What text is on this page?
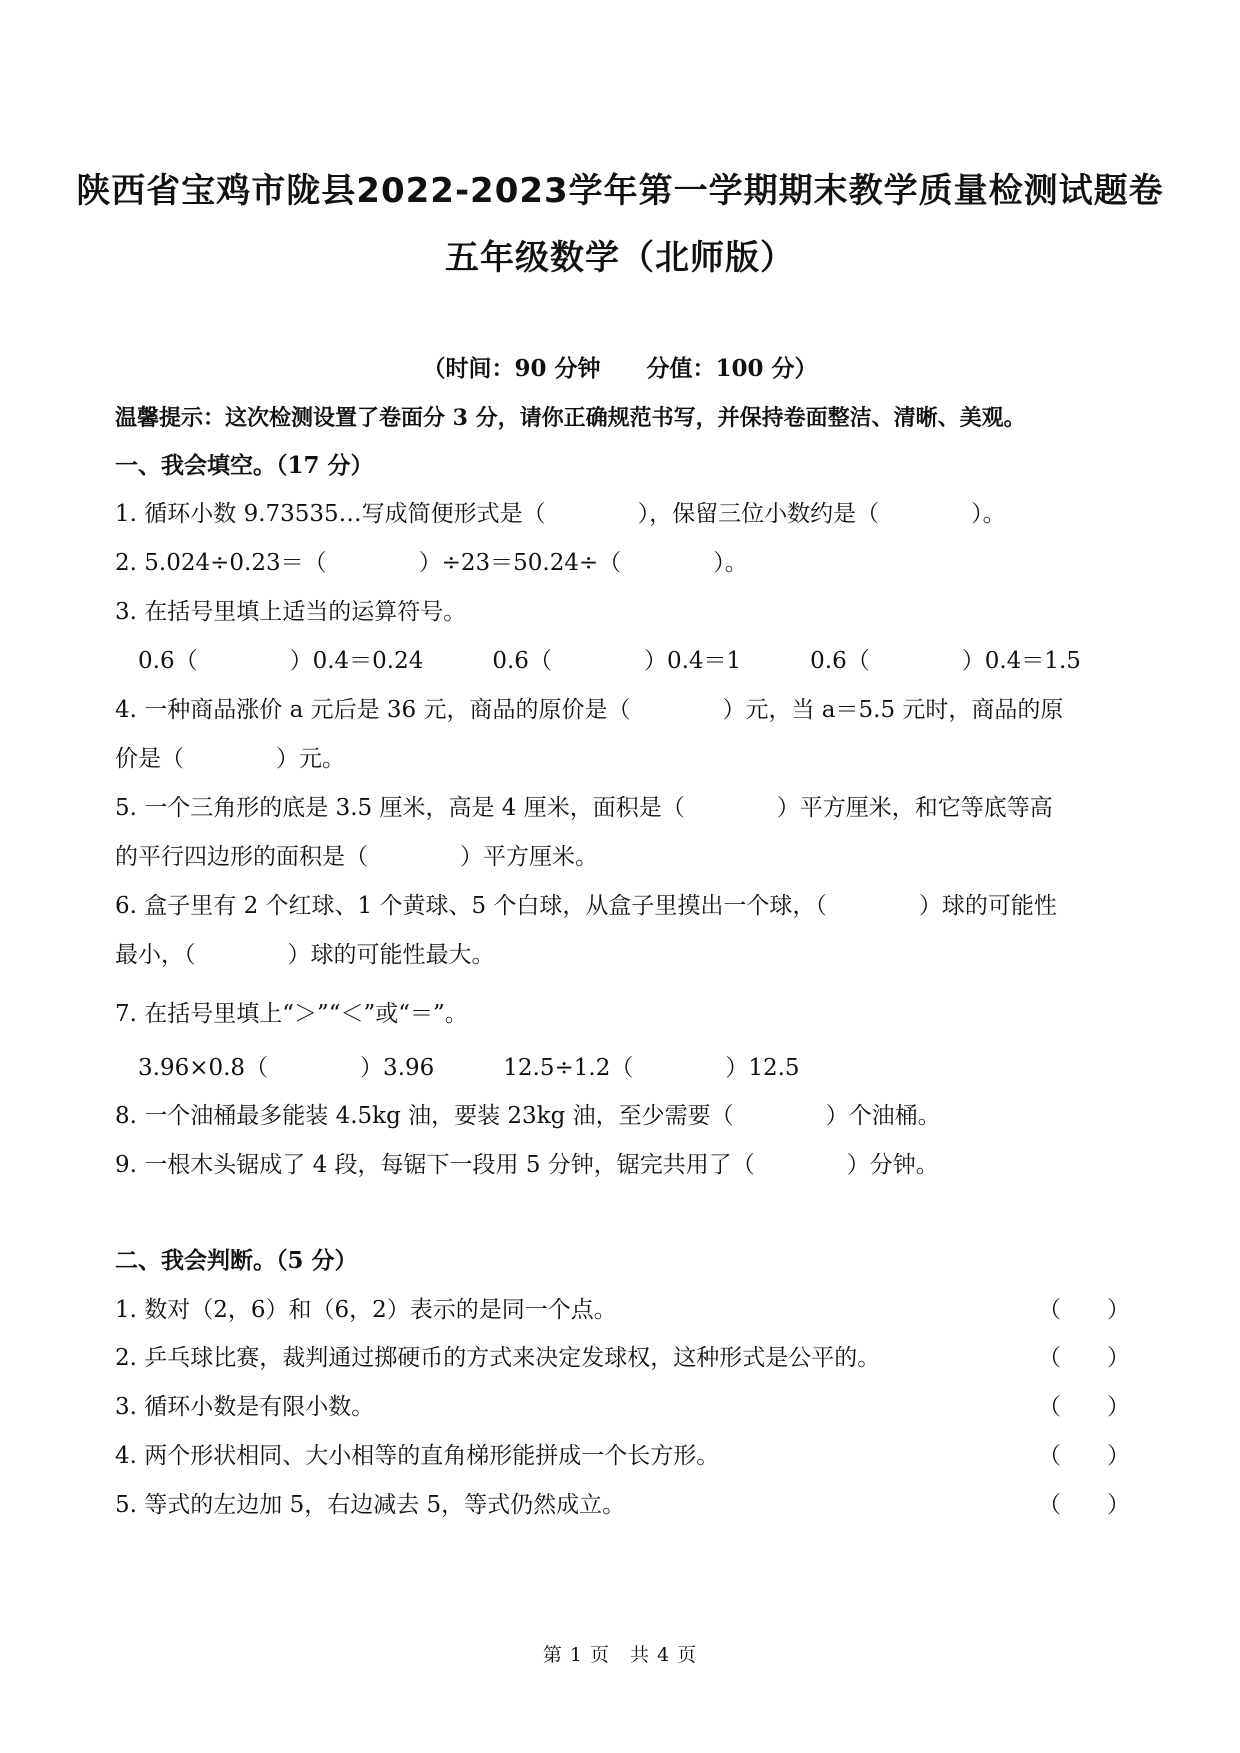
陕西省宝鸡市陇县2022-2023学年第一学期期末教学质量检测试题卷
五年级数学（北师版）
（时间：90 分钟　　分值：100 分）
温馨提示：这次检测设置了卷面分 3 分，请你正确规范书写，并保持卷面整洁、清晰、美观。
一、我会填空。（17 分）
1. 循环小数 9.73535…写成简便形式是（　　　　），保留三位小数约是（　　　　）。
2. 5.024÷0.23＝（　　　　）÷23＝50.24÷（　　　　）。
3. 在括号里填上适当的运算符号。
0.6（　　　　）0.4＝0.24　　　0.6（　　　　）0.4＝1　　　0.6（　　　　）0.4＝1.5
4. 一种商品涨价 a 元后是 36 元，商品的原价是（　　　　）元，当 a＝5.5 元时，商品的原
价是（　　　　）元。
5. 一个三角形的底是 3.5 厘米，高是 4 厘米，面积是（　　　　）平方厘米，和它等底等高
的平行四边形的面积是（　　　　）平方厘米。
6. 盒子里有 2 个红球、1 个黄球、5 个白球，从盒子里摸出一个球，（　　　　）球的可能性
最小，（　　　　）球的可能性最大。
7. 在括号里填上“＞”“＜”或“＝”。
3.96×0.8（　　　　）3.96　　　12.5÷1.2（　　　　）12.5
8. 一个油桶最多能装 4.5kg 油，要装 23kg 油，至少需要（　　　　）个油桶。
9. 一根木头锯成了 4 段，每锯下一段用 5 分钟，锯完共用了（　　　　）分钟。
二、我会判断。（5 分）
1. 数对（2，6）和（6，2）表示的是同一个点。	（　　）
2. 乒乓球比赛，裁判通过掷硬币的方式来决定发球权，这种形式是公平的。	（　　）
3. 循环小数是有限小数。	（　　）
4. 两个形状相同、大小相等的直角梯形能拼成一个长方形。	（　　）
5. 等式的左边加 5，右边减去 5，等式仍然成立。	（　　）
第 1 页　共 4 页
